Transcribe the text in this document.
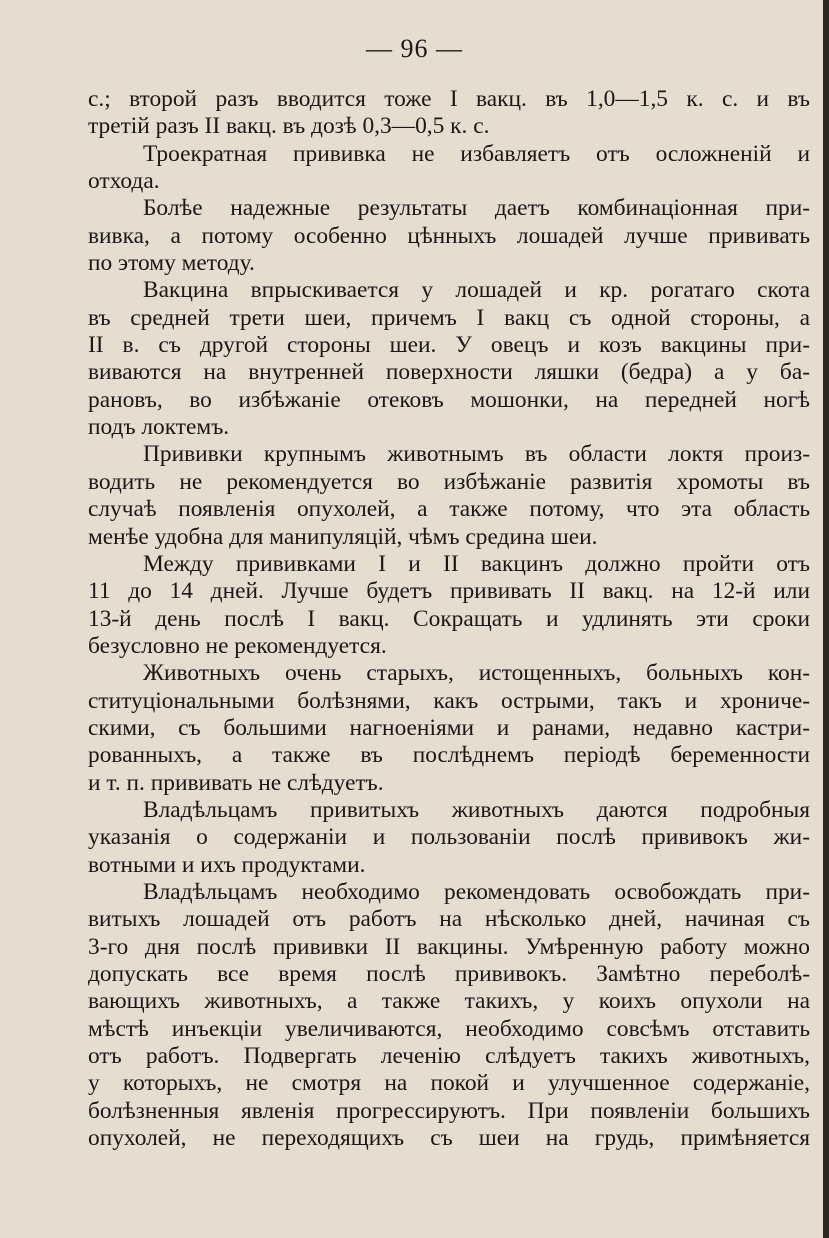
— 96 —
с.; второй разъ вводится тоже I вакц. въ 1,0—1,5 к. с. и въ
третій разъ II вакц. въ дозѣ 0,3—0,5 к. с.
Троекратная прививка не избавляетъ отъ осложненій и
отхода.
Болѣе надежные результаты даетъ комбинаціонная при-
вивка, а потому особенно цѣнныхъ лошадей лучше прививать
по этому методу.
Вакцина впрыскивается у лошадей и кр. рогатаго скота
въ средней трети шеи, причемъ I вакц съ одной стороны, а
II в. съ другой стороны шеи. У овецъ и козъ вакцины при-
виваются на внутренней поверхности ляшки (бедра) а у ба-
рановъ, во избѣжаніе отековъ мошонки, на передней ногѣ
подъ локтемъ.
Прививки крупнымъ животнымъ въ области локтя произ-
водить не рекомендуется во избѣжаніе развитія хромоты въ
случаѣ появленія опухолей, а также потому, что эта область
менѣе удобна для манипуляцій, чѣмъ средина шеи.
Между прививками I и II вакцинъ должно пройти отъ
11 до 14 дней. Лучше будетъ прививать II вакц. на 12-й или
13-й день послѣ I вакц. Сокращать и удлинять эти сроки
безусловно не рекомендуется.
Животныхъ очень старыхъ, истощенныхъ, больныхъ кон-
ституціональными болѣзнями, какъ острыми, такъ и хрониче-
скими, съ большими нагноеніями и ранами, недавно кастри-
рованныхъ, а также въ послѣднемъ періодѣ беременности
и т. п. прививать не слѣдуетъ.
Владѣльцамъ привитыхъ животныхъ даются подробныя
указанія о содержаніи и пользованіи послѣ прививокъ жи-
вотными и ихъ продуктами.
Владѣльцамъ необходимо рекомендовать освобождать при-
витыхъ лошадей отъ работъ на нѣсколько дней, начиная съ
3-го дня послѣ прививки II вакцины. Умѣренную работу можно
допускать все время послѣ прививокъ. Замѣтно переболѣ-
вающихъ животныхъ, а также такихъ, у коихъ опухоли на
мѣстѣ инъекціи увеличиваются, необходимо совсѣмъ отставить
отъ работъ. Подвергать леченію слѣдуетъ такихъ животныхъ,
у которыхъ, не смотря на покой и улучшенное содержаніе,
болѣзненныя явленія прогрессируютъ. При появленіи большихъ
опухолей, не переходящихъ съ шеи на грудь, примѣняется
